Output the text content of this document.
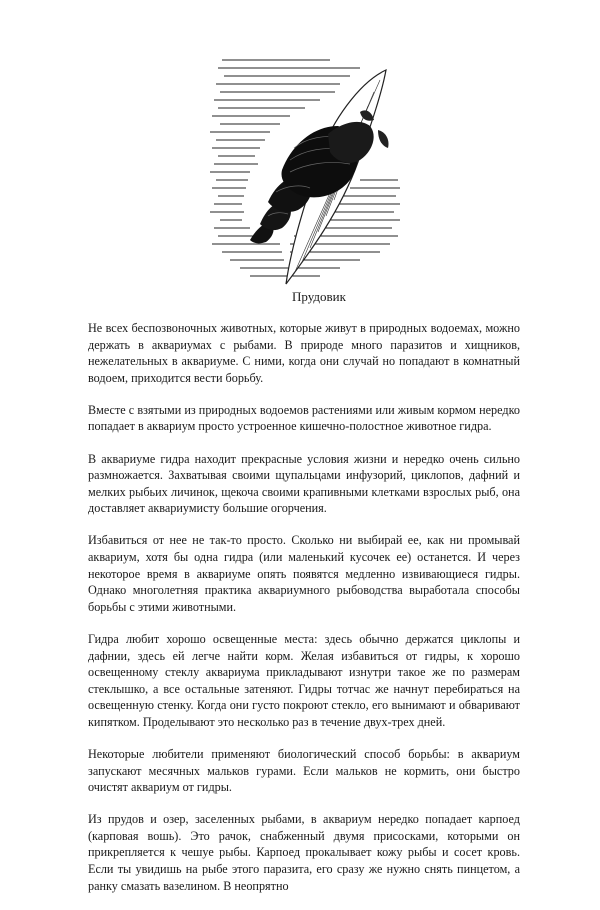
Прудовик

Не всех беспозвоночных животных, которые живут в природных водоемах, можно держать в аквариумах с рыбами. В природе много паразитов и хищников, нежелательных в аквариуме. С ними, когда они случай но попадают в комнатный водоем, приходится вести борьбу.

Вместе с взятыми из природных водоемов растениями или живым кормом нередко попадает в аквариум просто устроенное кишечно-полостное животное гидра.

В аквариуме гидра находит прекрасные условия жизни и нередко очень сильно размножается. Захватывая своими щупальцами инфузорий, циклопов, дафний и мелких рыбьих личинок, щекоча своими крапивными клетками взрослых рыб, она доставляет аквариумисту большие огорчения.

Избавиться от нее не так-то просто. Сколько ни выбирай ее, как ни промывай аквариум, хотя бы одна гидра (или маленький кусочек ее) останется. И через некоторое время в аквариуме опять появятся медленно извивающиеся гидры. Однако многолетняя практика аквариумного рыбоводства выработала способы борьбы с этими животными.

Гидра любит хорошо освещенные места: здесь обычно держатся циклопы и дафнии, здесь ей легче найти корм. Желая избавиться от гидры, к хорошо освещенному стеклу аквариума прикладывают изнутри такое же по размерам стеклышко, а все остальные затеняют. Гидры тотчас же начнут перебираться на освещенную стенку. Когда они густо покроют стекло, его вынимают и обваривают кипятком. Проделывают это несколько раз в течение двух-трех дней.

Некоторые любители применяют биологический способ борьбы: в аквариум запускают месячных мальков гурами. Если мальков не кормить, они быстро очистят аквариум от гидры.

Из прудов и озер, заселенных рыбами, в аквариум нередко попадает карпоед (карповая вошь). Это рачок, снабженный двумя присосками, которыми он прикрепляется к чешуе рыбы. Карпоед прокалывает кожу рыбы и сосет кровь. Если ты увидишь на рыбе этого паразита, его сразу же нужно снять пинцетом, а ранку смазать вазелином. В неопрятно
